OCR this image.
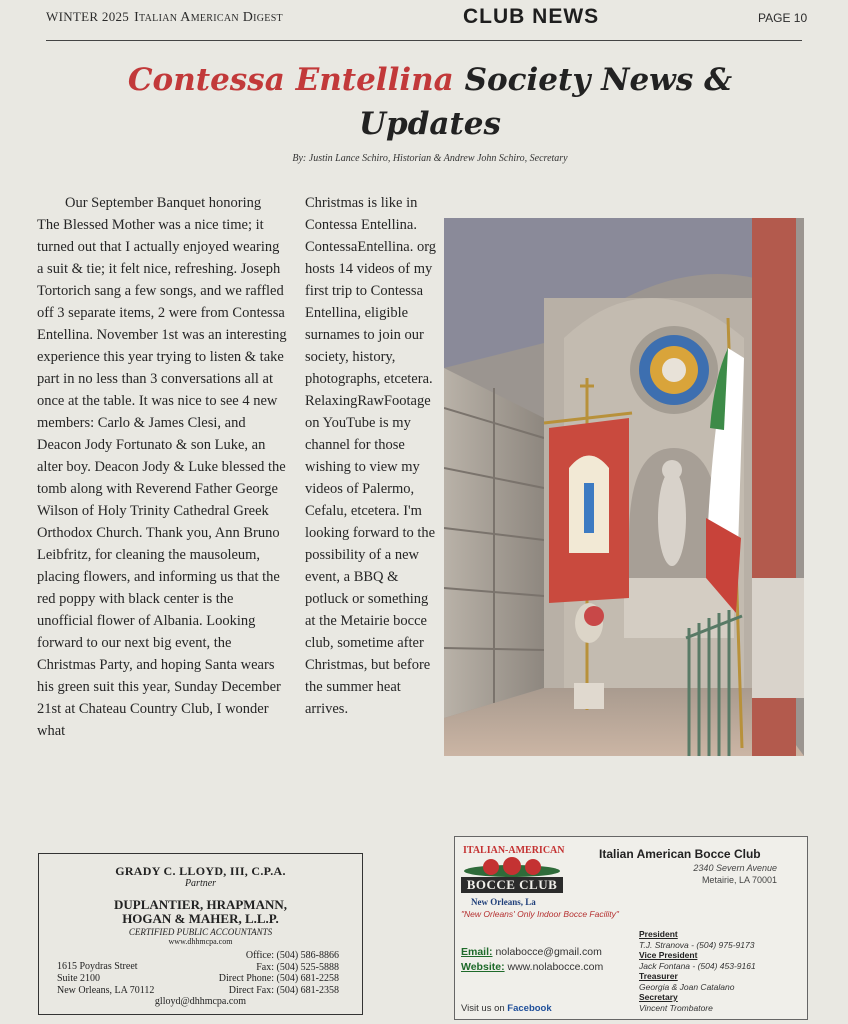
WINTER 2025 Italian American Digest	CLUB NEWS	PAGE 10
Contessa Entellina Society News & Updates
By: Justin Lance Schiro, Historian & Andrew John Schiro, Secretary
Our September Banquet honoring The Blessed Mother was a nice time; it turned out that I actually enjoyed wearing a suit & tie; it felt nice, refreshing. Joseph Tortorich sang a few songs, and we raffled off 3 separate items, 2 were from Contessa Entellina. November 1st was an interesting experience this year trying to listen & take part in no less than 3 conversations all at once at the table. It was nice to see 4 new members: Carlo & James Clesi, and Deacon Jody Fortunato & son Luke, an alter boy. Deacon Jody & Luke blessed the tomb along with Reverend Father George Wilson of Holy Trinity Cathedral Greek Orthodox Church. Thank you, Ann Bruno Leibfritz, for cleaning the mausoleum, placing flowers, and informing us that the red poppy with black center is the unofficial flower of Albania. Looking forward to our next big event, the Christmas Party, and hoping Santa wears his green suit this year, Sunday December 21st at Chateau Country Club, I wonder what
Christmas is like in Contessa Entellina. ContessaEntellina. org hosts 14 videos of my first trip to Contessa Entellina, eligible surnames to join our society, history, photographs, etcetera. RelaxingRawFootage on YouTube is my channel for those wishing to view my videos of Palermo, Cefalu, etcetera. I'm looking forward to the possibility of a new event, a BBQ & potluck or something at the Metairie bocce club, sometime after Christmas, but before the summer heat arrives.
GRADY C. LLOYD, III, C.P.A.
Partner
DUPLANTIER, HRAPMANN,
HOGAN & MAHER, L.L.P.
CERTIFIED PUBLIC ACCOUNTANTS
www.dhhmcpa.com
1615 Poydras Street
Suite 2100
New Orleans, LA 70112
Office: (504) 586-8866
Fax: (504) 525-5888
Direct Phone: (504) 681-2258
Direct Fax: (504) 681-2358
glloyd@dhhmcpa.com
ITALIAN-AMERICAN
BOCCE CLUB
New Orleans, La
"New Orleans' Only Indoor Bocce Facility"
Italian American Bocce Club
2340 Severn Avenue
Metairie, LA 70001
Email: nolabocce@gmail.com
Website: www.nolabocce.com
President
T.J. Stranova - (504) 975-9173
Vice President
Jack Fontana - (504) 453-9161
Treasurer
Georgia & Joan Catalano
Secretary
Vincent Trombatore
Visit us on Facebook
